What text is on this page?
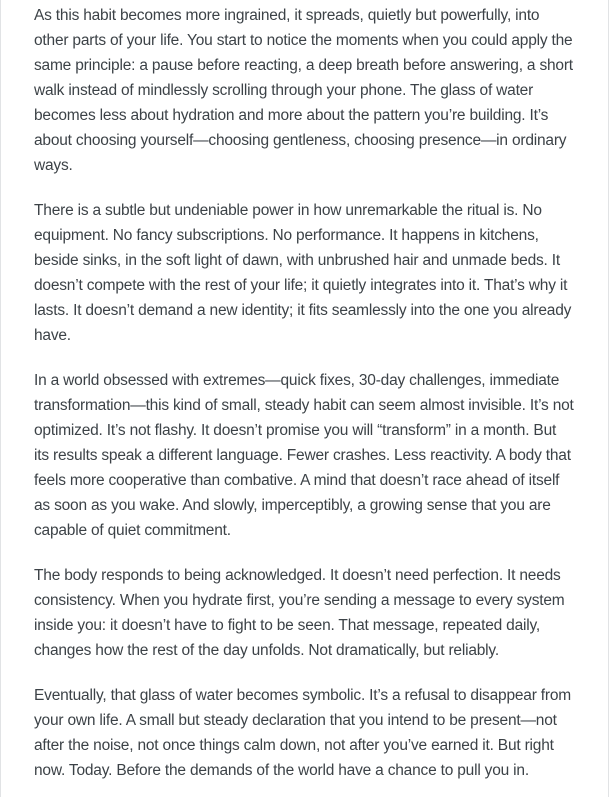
As this habit becomes more ingrained, it spreads, quietly but powerfully, into other parts of your life. You start to notice the moments when you could apply the same principle: a pause before reacting, a deep breath before answering, a short walk instead of mindlessly scrolling through your phone. The glass of water becomes less about hydration and more about the pattern you’re building. It’s about choosing yourself—choosing gentleness, choosing presence—in ordinary ways.

There is a subtle but undeniable power in how unremarkable the ritual is. No equipment. No fancy subscriptions. No performance. It happens in kitchens, beside sinks, in the soft light of dawn, with unbrushed hair and unmade beds. It doesn’t compete with the rest of your life; it quietly integrates into it. That’s why it lasts. It doesn’t demand a new identity; it fits seamlessly into the one you already have.

In a world obsessed with extremes—quick fixes, 30-day challenges, immediate transformation—this kind of small, steady habit can seem almost invisible. It’s not optimized. It’s not flashy. It doesn’t promise you will “transform” in a month. But its results speak a different language. Fewer crashes. Less reactivity. A body that feels more cooperative than combative. A mind that doesn’t race ahead of itself as soon as you wake. And slowly, imperceptibly, a growing sense that you are capable of quiet commitment.

The body responds to being acknowledged. It doesn’t need perfection. It needs consistency. When you hydrate first, you’re sending a message to every system inside you: it doesn’t have to fight to be seen. That message, repeated daily, changes how the rest of the day unfolds. Not dramatically, but reliably.

Eventually, that glass of water becomes symbolic. It’s a refusal to disappear from your own life. A small but steady declaration that you intend to be present—not after the noise, not once things calm down, not after you’ve earned it. But right now. Today. Before the demands of the world have a chance to pull you in.
